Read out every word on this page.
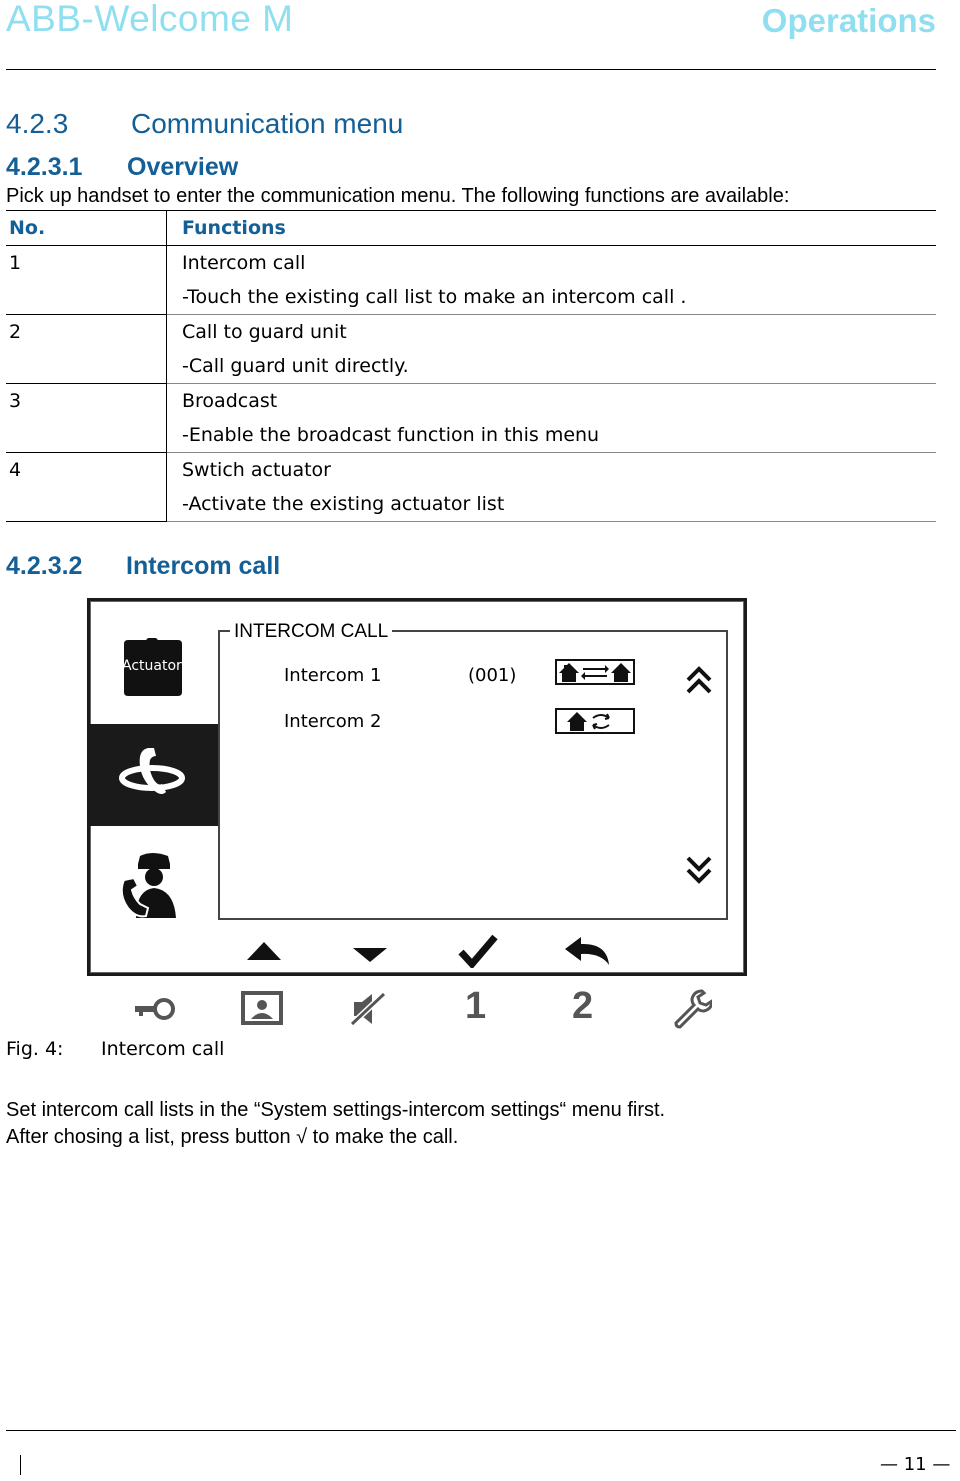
ABB-Welcome M	Operations
4.2.3 Communication menu
4.2.3.1 Overview
Pick up handset to enter the communication menu. The following functions are available:
No.	Functions
1	Intercom call
	-Touch the existing call list to make an intercom call .
2	Call to guard unit
	-Call guard unit directly.
3	Broadcast
	-Enable the broadcast function in this menu
4	Swtich actuator
	-Activate the existing actuator list
4.2.3.2 Intercom call
Actuator
INTERCOM CALL
Intercom 1	(001)
Intercom 2
1 2
Fig. 4: Intercom call
Set intercom call lists in the “System settings-intercom settings“ menu first.
After chosing a list, press button √ to make the call.
— 11 —
